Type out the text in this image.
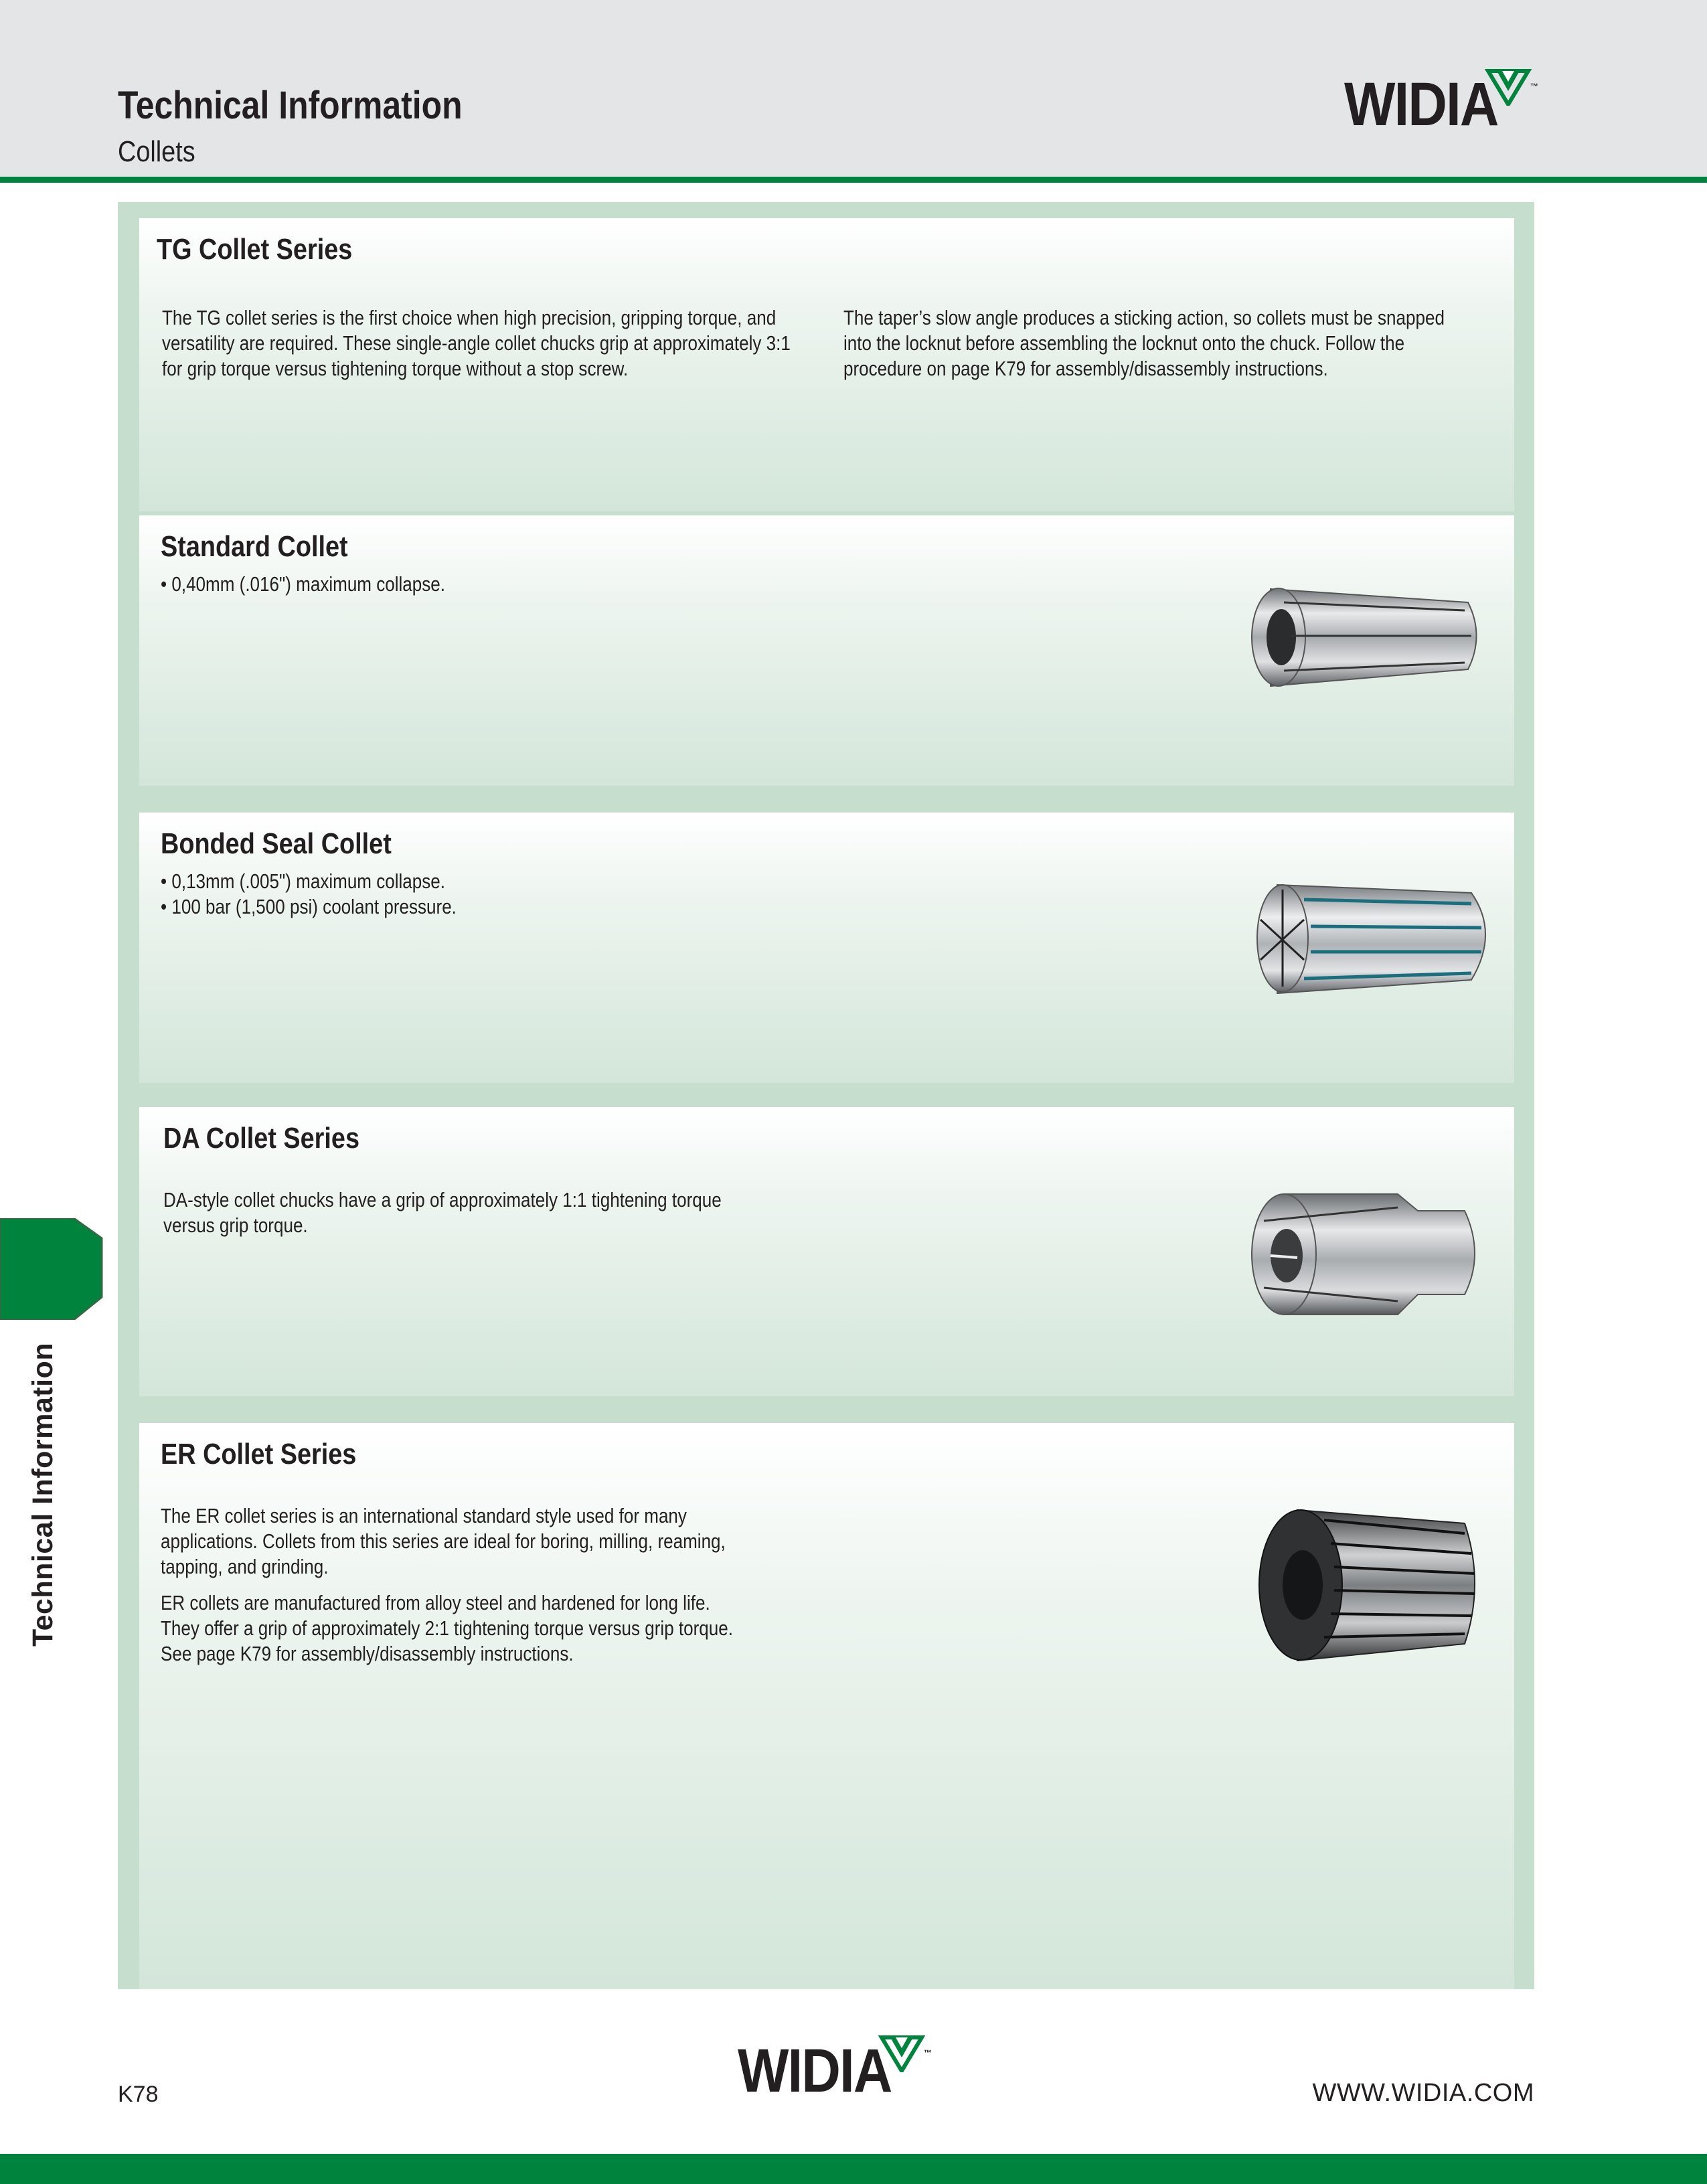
Technical Information
Collets
WIDIA	™
Technical Information
TG Collet Series

The TG collet series is the first choice when high precision, gripping torque, and versatility are required. These single-angle collet chucks grip at approximately 3:1 for grip torque versus tightening torque without a stop screw.

The taper’s slow angle produces a sticking action, so collets must be snapped into the locknut before assembling the locknut onto the chuck. Follow the procedure on page K79 for assembly/disassembly instructions.

Standard Collet
• 0,40mm (.016") maximum collapse.
Bonded Seal Collet
• 0,13mm (.005") maximum collapse.
• 100 bar (1,500 psi) coolant pressure.
DA Collet Series

DA-style collet chucks have a grip of approximately 1:1 tightening torque versus grip torque.

ER Collet Series

The ER collet series is an international standard style used for many applications. Collets from this series are ideal for boring, milling, reaming, tapping, and grinding.

ER collets are manufactured from alloy steel and hardened for long life. They offer a grip of approximately 2:1 tightening torque versus grip torque. See page K79 for assembly/disassembly instructions.

K78	WIDIA	™
WWW.WIDIA.COM
